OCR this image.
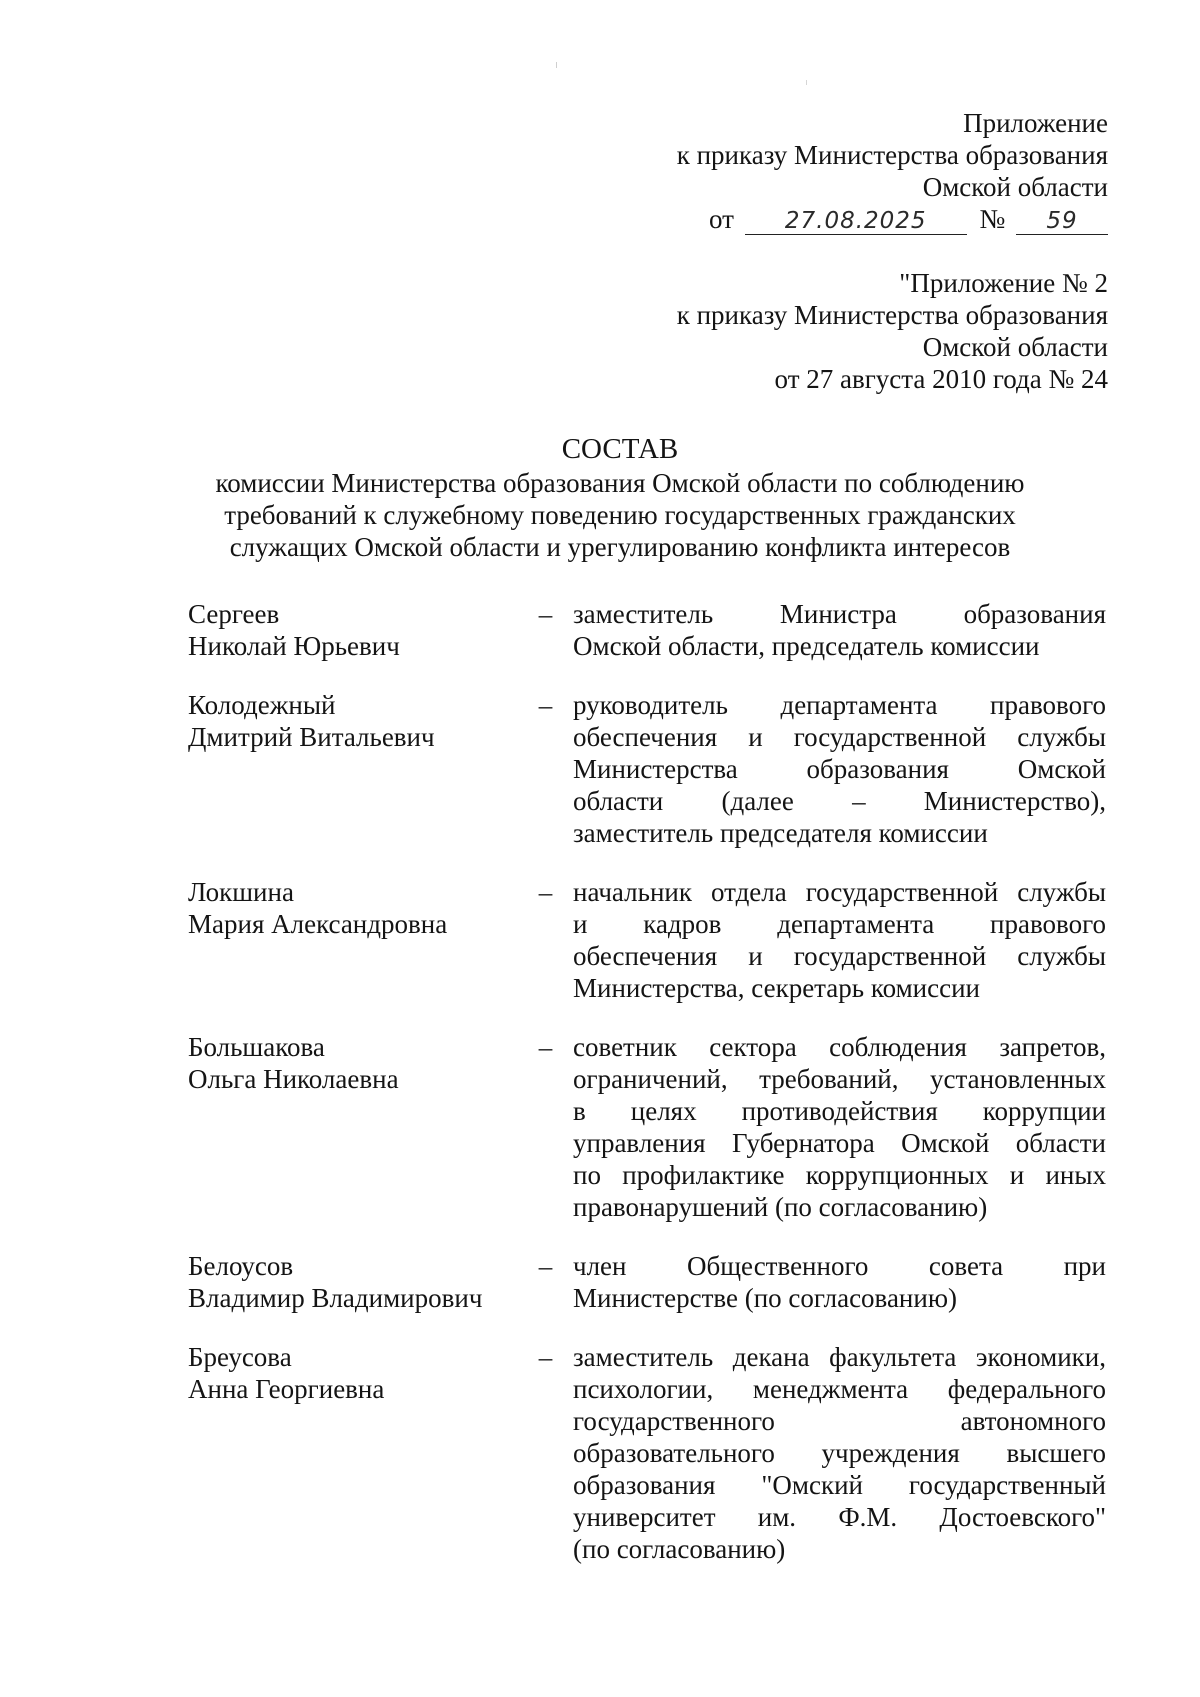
Приложение
к приказу Министерства образования
Омской области
от 27.08.2025 № 59
"Приложение № 2
к приказу Министерства образования
Омской области
от 27 августа 2010 года № 24
СОСТАВ
комиссии Министерства образования Омской области по соблюдению
требований к служебному поведению государственных гражданских
служащих Омской области и урегулированию конфликта интересов
Сергеев
Николай Юрьевич
– заместитель Министра образования
Омской области, председатель комиссии
Колодежный
Дмитрий Витальевич
– руководитель департамента правового
обеспечения и государственной службы
Министерства образования Омской
области (далее – Министерство),
заместитель председателя комиссии
Локшина
Мария Александровна
– начальник отдела государственной службы
и кадров департамента правового
обеспечения и государственной службы
Министерства, секретарь комиссии
Большакова
Ольга Николаевна
– советник сектора соблюдения запретов,
ограничений, требований, установленных
в целях противодействия коррупции
управления Губернатора Омской области
по профилактике коррупционных и иных
правонарушений (по согласованию)
Белоусов
Владимир Владимирович
– член Общественного совета при
Министерстве (по согласованию)
Бреусова
Анна Георгиевна
– заместитель декана факультета экономики,
психологии, менеджмента федерального
государственного автономного
образовательного учреждения высшего
образования "Омский государственный
университет им. Ф.М. Достоевского"
(по согласованию)
